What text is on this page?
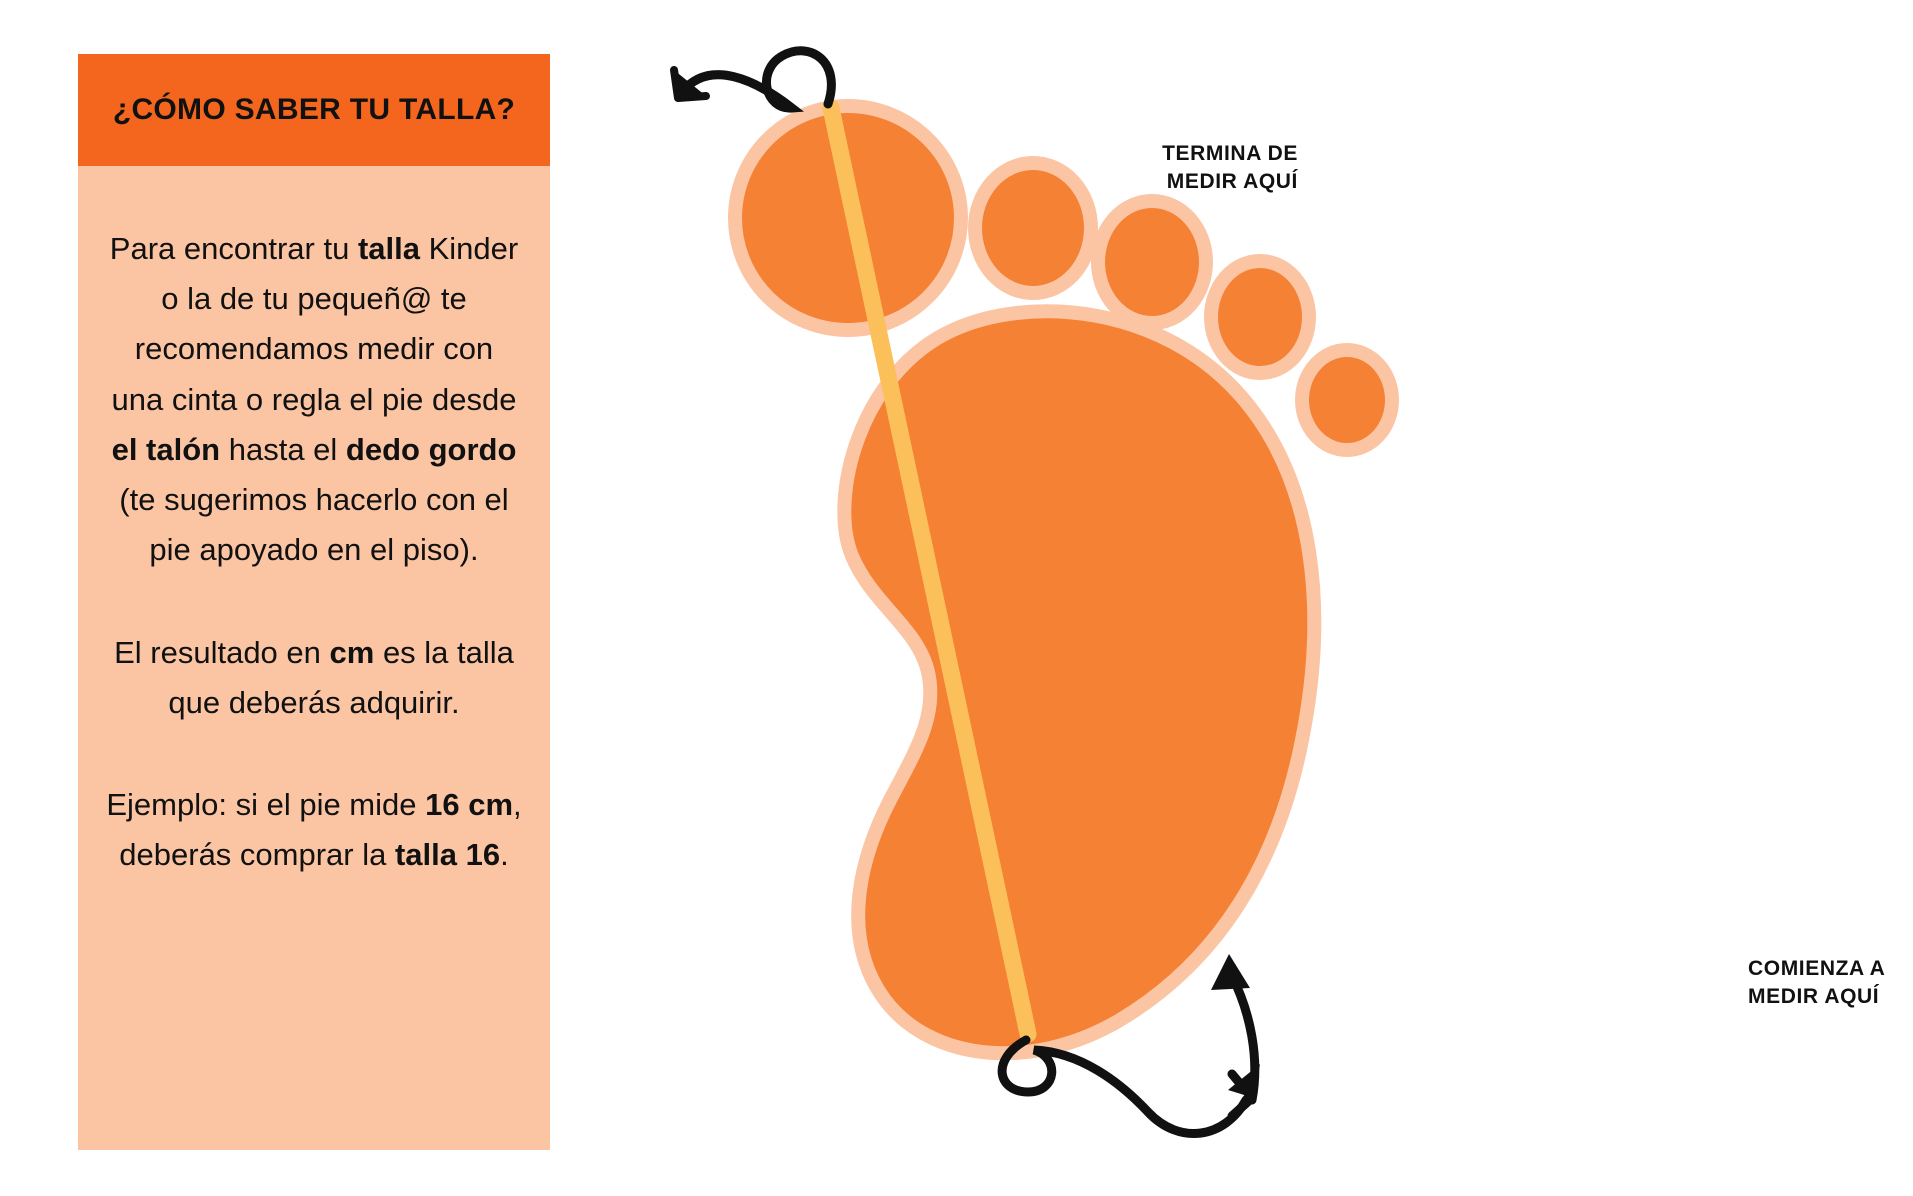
¿CÓMO SABER TU TALLA?

Para encontrar tu talla Kinder o la de tu pequeñ@ te recomendamos medir con una cinta o regla el pie desde el talón hasta el dedo gordo (te sugerimos hacerlo con el pie apoyado en el piso).

El resultado en cm es la talla que deberás adquirir.

Ejemplo: si el pie mide 16 cm, deberás comprar la talla 16.

TERMINA DE MEDIR AQUÍ
COMIENZA A MEDIR AQUÍ
